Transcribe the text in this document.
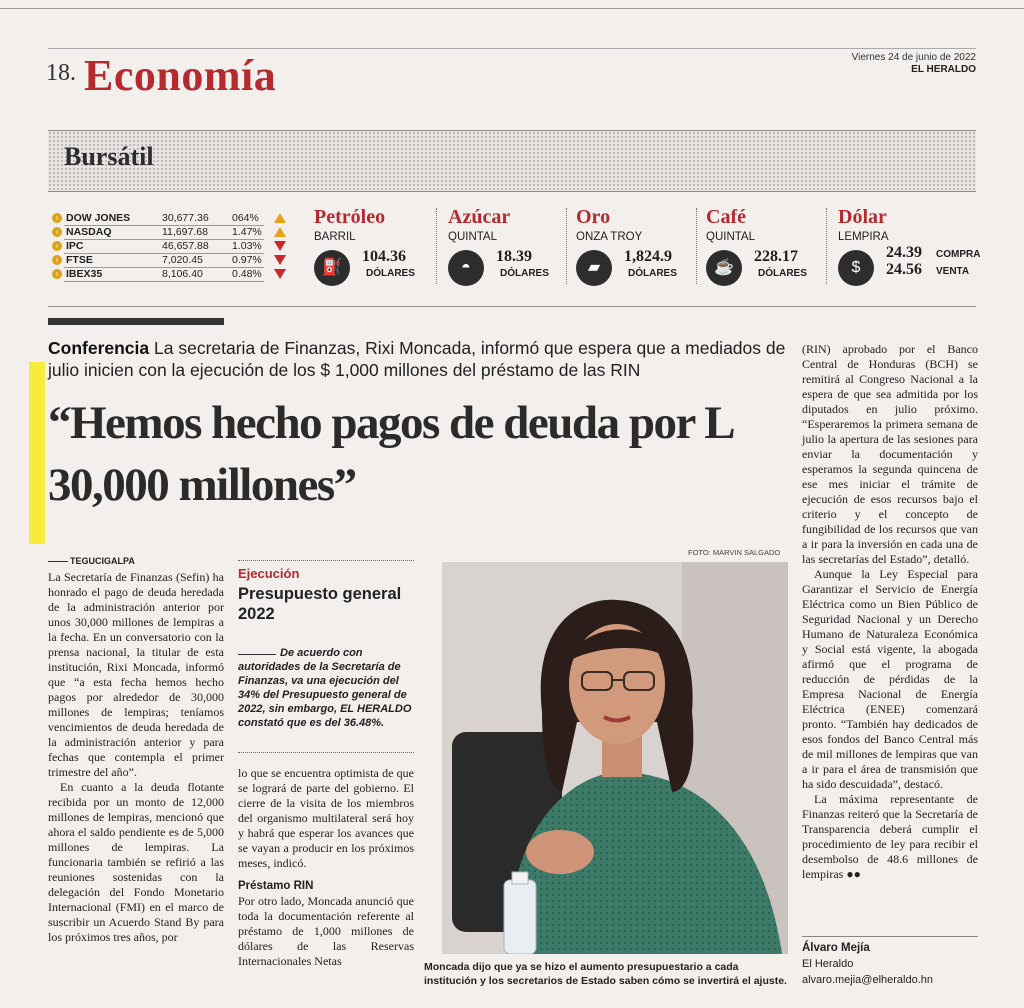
18. Economía	Viernes 24 de junio de 2022
EL HERALDO
Bursátil
› DOW JONES	30,677.36 064%
› NASDAQ	11,697.68 1.47%
› IPC	46,657.88 1.03%
› FTSE	7,020.45	0.97%
› IBEX35	8,106.40	0.48%
Petróleo
BARRIL
⛽
104.36
DÓLARES
Azúcar
QUINTAL
◓
18.39
DÓLARES
Oro
ONZA TROY
▰
1,824.9
DÓLARES
Café
QUINTAL
☕
228.17
DÓLARES
Dólar
LEMPIRA
$
24.39 COMPRA
24.56 VENTA
Conferencia La secretaria de Finanzas, Rixi Moncada, informó que espera que a mediados de julio inicien con la ejecución de los $ 1,000 millones del préstamo de las RIN
“Hemos hecho pagos de deuda por L 30,000 millones”
TEGUCIGALPA

La Secretaría de Finanzas (Sefin) ha honrado el pago de deuda heredada de la administración anterior por unos 30,000 millones de lempiras a la fecha. En un conversatorio con la prensa nacional, la titular de esta institución, Rixi Moncada, informó que “a esta fecha hemos hecho pagos por alrededor de 30,000 millones de lempiras; teníamos vencimientos de deuda heredada de la administración anterior y para fechas que contempla el primer trimestre del año”.

En cuanto a la deuda flotante recibida por un monto de 12,000 millones de lempiras, mencionó que ahora el saldo pendiente es de 5,000 millones de lempiras. La funcionaria también se refirió a las reuniones sostenidas con la delegación del Fondo Monetario Internacional (FMI) en el marco de suscribir un Acuerdo Stand By para los próximos tres años, por

Ejecución
Presupuesto general 2022
De acuerdo con autoridades de la Secretaría de Finanzas, va una ejecución del 34% del Presupuesto general de 2022, sin embargo, EL HERALDO constató que es del 36.48%.

lo que se encuentra optimista de que se logrará de parte del gobierno. El cierre de la visita de los miembros del organismo multilateral será hoy y habrá que esperar los avances que se vayan a producir en los próximos meses, indicó.

Préstamo RIN

Por otro lado, Moncada anunció que toda la documentación referente al préstamo de 1,000 millones de dólares de las Reservas Internacionales Netas

FOTO: MARVIN SALGADO
Moncada dijo que ya se hizo el aumento presupuestario a cada institución y los secretarios de Estado saben cómo se invertirá el ajuste.

(RIN) aprobado por el Banco Central de Honduras (BCH) se remitirá al Congreso Nacional a la espera de que sea admitida por los diputados en julio próximo. “Esperaremos la primera semana de julio la apertura de las sesiones para enviar la documentación y esperamos la segunda quincena de ese mes iniciar el trámite de ejecución de esos recursos bajo el criterio y el concepto de fungibilidad de los recursos que van a ir para la inversión en cada una de las secretarías del Estado”, detalló.

Aunque la Ley Especial para Garantizar el Servicio de Energía Eléctrica como un Bien Público de Seguridad Nacional y un Derecho Humano de Naturaleza Económica y Social está vigente, la abogada afirmó que el programa de reducción de pérdidas de la Empresa Nacional de Energía Eléctrica (ENEE) comenzará pronto. “También hay dedicados de esos fondos del Banco Central más de mil millones de lempiras que van a ir para el área de transmisión que ha sido descuidada”, destacó.

La máxima representante de Finanzas reiteró que la Secretaría de Transparencia deberá cumplir el procedimiento de ley para recibir el desembolso de 48.6 millones de lempiras ●●

Álvaro Mejía
El Heraldo
alvaro.mejia@elheraldo.hn
